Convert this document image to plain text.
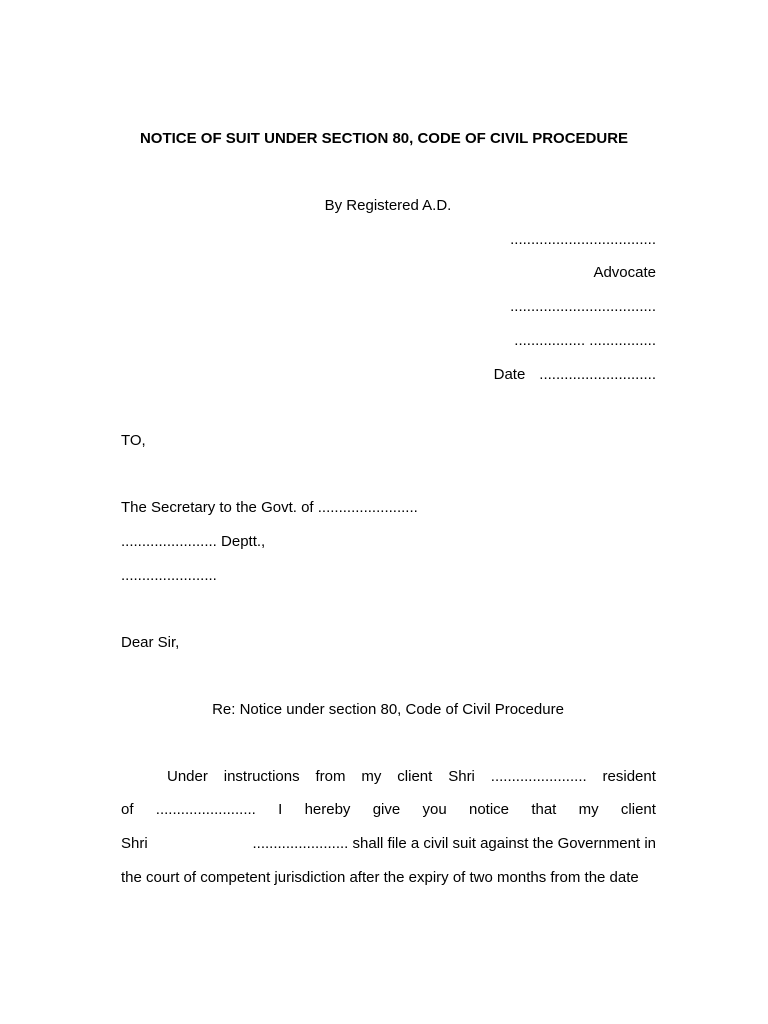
NOTICE OF SUIT UNDER SECTION 80, CODE OF CIVIL PROCEDURE
By Registered A.D.
...................................
Advocate
...................................
................. ................
Date ............................
TO,
The Secretary to the Govt. of ........................
....................... Deptt.,
.......................
Dear Sir,
Re: Notice under section 80, Code of Civil Procedure
Under instructions from my client Shri ....................... resident
of ........................ I hereby give you notice that my client
Shri	....................... shall file a civil suit against the Government in
the court of competent jurisdiction after the expiry of two months from the date
